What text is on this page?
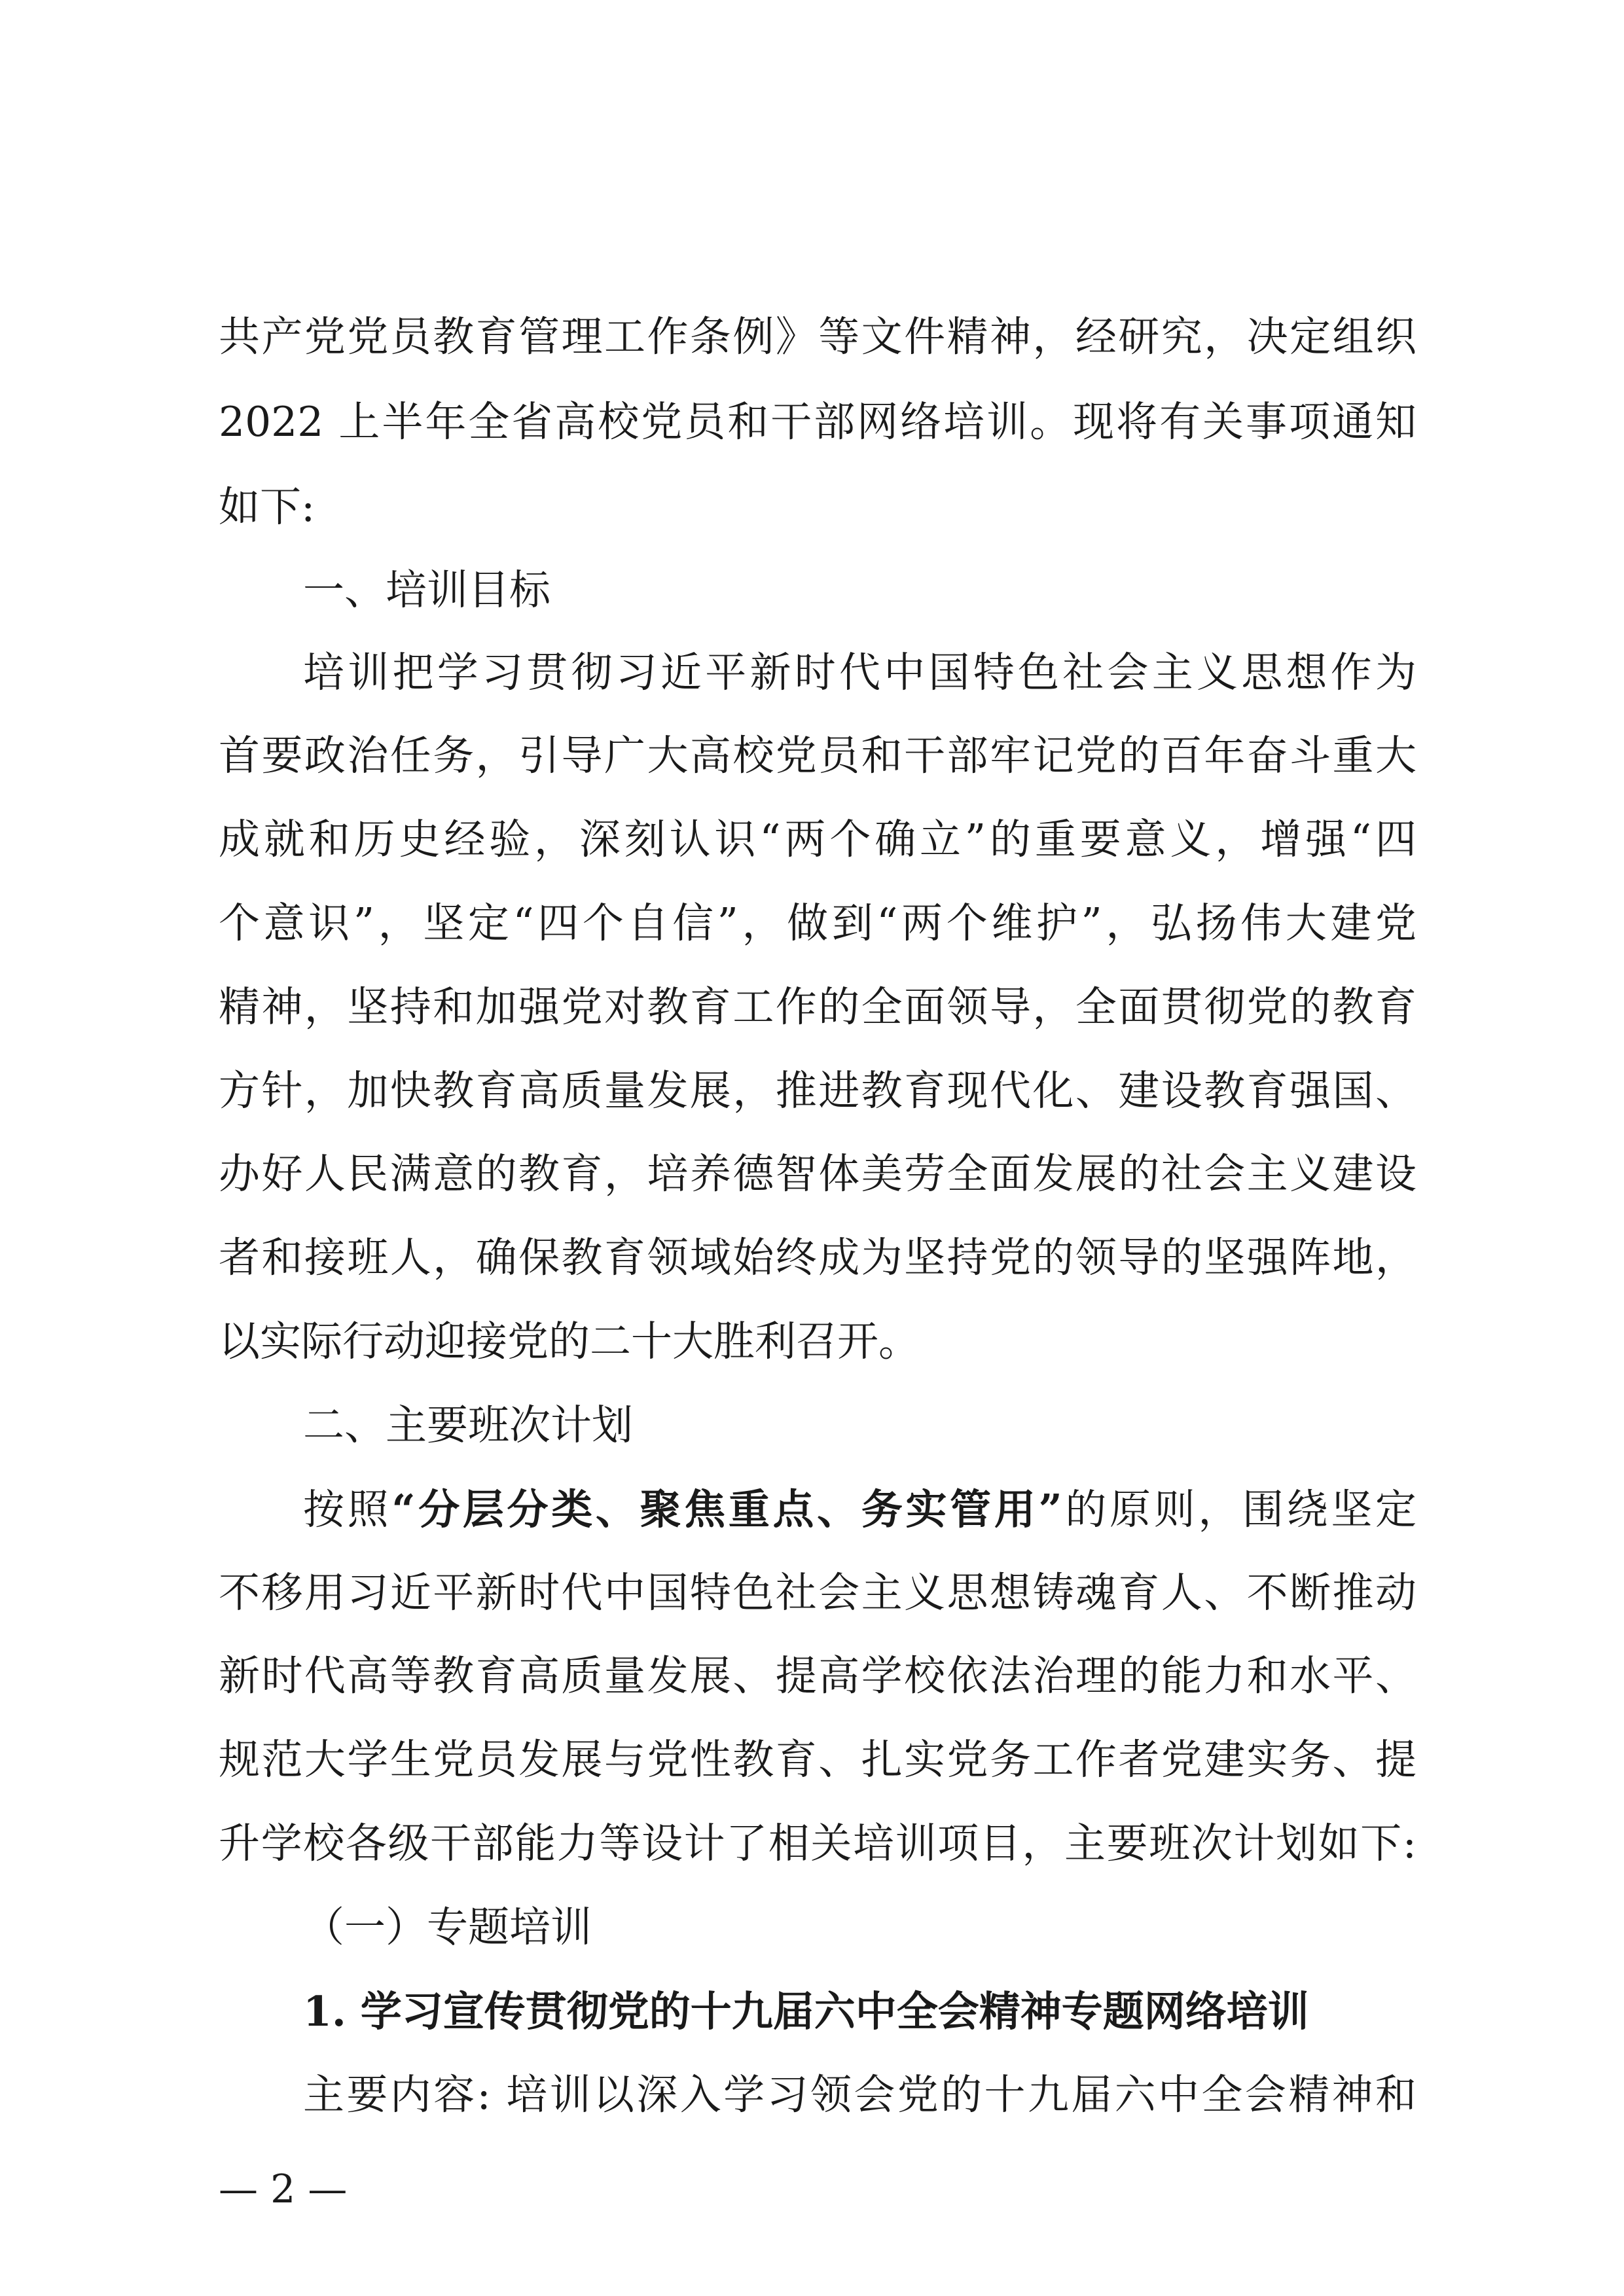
共产党党员教育管理工作条例》等文件精神，经研究，决定组织
2022 上半年全省高校党员和干部网络培训。现将有关事项通知
如下:
一、培训目标
培训把学习贯彻习近平新时代中国特色社会主义思想作为
首要政治任务，引导广大高校党员和干部牢记党的百年奋斗重大
成就和历史经验，深刻认识“两个确立”的重要意义，增强“四
个意识”，坚定“四个自信”，做到“两个维护”，弘扬伟大建党
精神，坚持和加强党对教育工作的全面领导，全面贯彻党的教育
方针，加快教育高质量发展，推进教育现代化、建设教育强国、
办好人民满意的教育，培养德智体美劳全面发展的社会主义建设
者和接班人，确保教育领域始终成为坚持党的领导的坚强阵地，
以实际行动迎接党的二十大胜利召开。
二、主要班次计划
按照“分层分类、聚焦重点、务实管用”的原则，围绕坚定
不移用习近平新时代中国特色社会主义思想铸魂育人、不断推动
新时代高等教育高质量发展、提高学校依法治理的能力和水平、
规范大学生党员发展与党性教育、扎实党务工作者党建实务、提
升学校各级干部能力等设计了相关培训项目，主要班次计划如下:
（一）专题培训
1. 学习宣传贯彻党的十九届六中全会精神专题网络培训
主要内容: 培训以深入学习领会党的十九届六中全会精神和
— 2 —
